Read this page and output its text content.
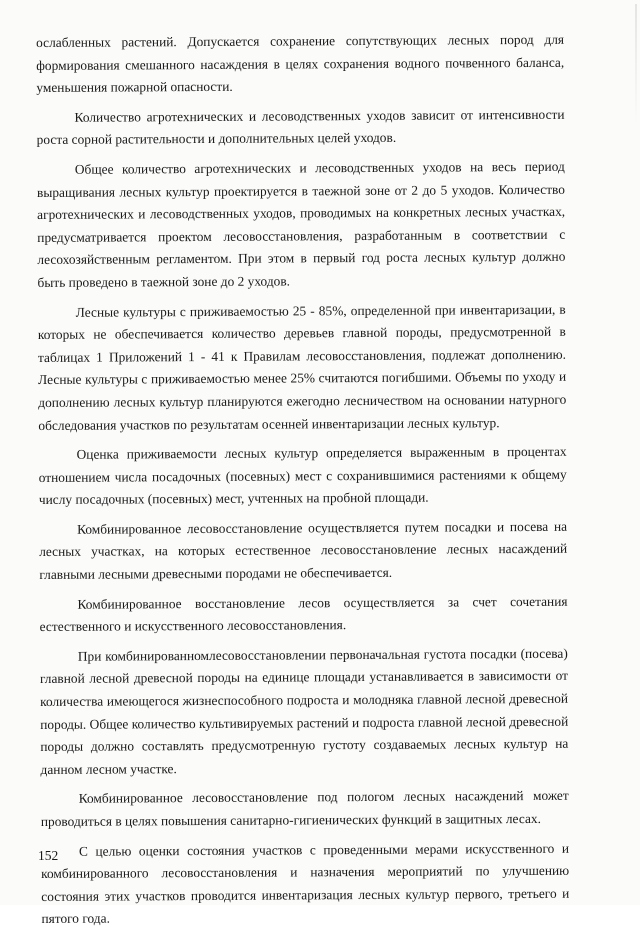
ослабленных растений. Допускается сохранение сопутствующих лесных пород для формирования смешанного насаждения в целях сохранения водного почвенного баланса, уменьшения пожарной опасности.

Количество агротехнических и лесоводственных уходов зависит от интенсивности роста сорной растительности и дополнительных целей уходов.

Общее количество агротехнических и лесоводственных уходов на весь период выращивания лесных культур проектируется в таежной зоне от 2 до 5 уходов. Количество агротехнических и лесоводственных уходов, проводимых на конкретных лесных участках, предусматривается проектом лесовосстановления, разработанным в соответствии с лесохозяйственным регламентом. При этом в первый год роста лесных культур должно быть проведено в таежной зоне до 2 уходов.

Лесные культуры с приживаемостью 25 - 85%, определенной при инвентаризации, в которых не обеспечивается количество деревьев главной породы, предусмотренной в таблицах 1 Приложений 1 - 41 к Правилам лесовосстановления, подлежат дополнению. Лесные культуры с приживаемостью менее 25% считаются погибшими. Объемы по уходу и дополнению лесных культур планируются ежегодно лесничеством на основании натурного обследования участков по результатам осенней инвентаризации лесных культур.

Оценка приживаемости лесных культур определяется выраженным в процентах отношением числа посадочных (посевных) мест с сохранившимися растениями к общему числу посадочных (посевных) мест, учтенных на пробной площади.

Комбинированное лесовосстановление осуществляется путем посадки и посева на лесных участках, на которых естественное лесовосстановление лесных насаждений главными лесными древесными породами не обеспечивается.

Комбинированное восстановление лесов осуществляется за счет сочетания естественного и искусственного лесовосстановления.

При комбинированномлесовосстановлении первоначальная густота посадки (посева) главной лесной древесной породы на единице площади устанавливается в зависимости от количества имеющегося жизнеспособного подроста и молодняка главной лесной древесной породы. Общее количество культивируемых растений и подроста главной лесной древесной породы должно составлять предусмотренную густоту создаваемых лесных культур на данном лесном участке.

Комбинированное лесовосстановление под пологом лесных насаждений может проводиться в целях повышения санитарно-гигиенических функций в защитных лесах.

С целью оценки состояния участков с проведенными мерами искусственного и комбинированного лесовосстановления и назначения мероприятий по улучшению состояния этих участков проводится инвентаризация лесных культур первого, третьего и пятого года.

152
